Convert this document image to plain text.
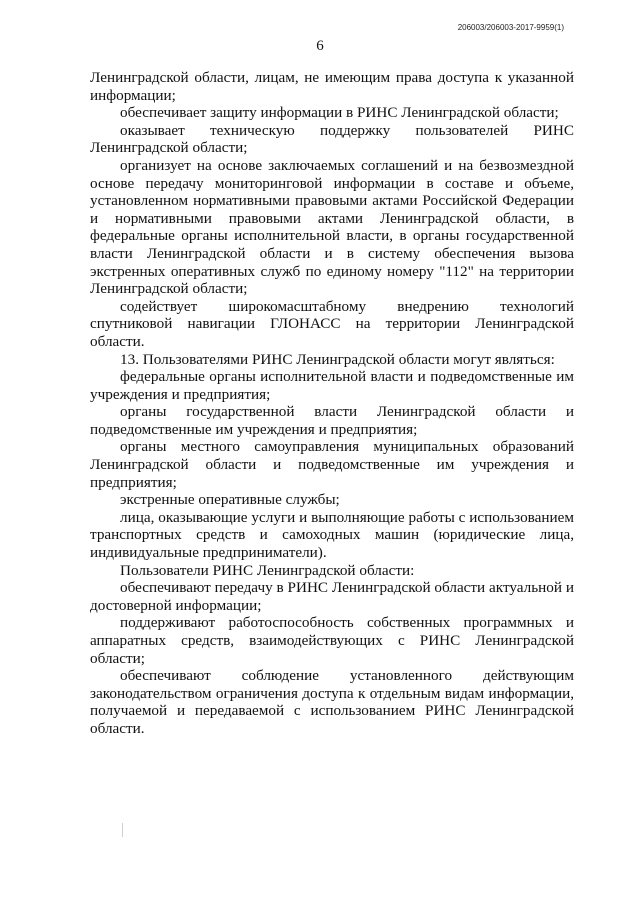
206003/206003-2017-9959(1)
6

Ленинградской области, лицам, не имеющим права доступа к указанной информации;

обеспечивает защиту информации в РИНС Ленинградской области;

оказывает техническую поддержку пользователей РИНС Ленинградской области;

организует на основе заключаемых соглашений и на безвозмездной основе передачу мониторинговой информации в составе и объеме, установленном нормативными правовыми актами Российской Федерации и нормативными правовыми актами Ленинградской области, в федеральные органы исполнительной власти, в органы государственной власти Ленинградской области и в систему обеспечения вызова экстренных оперативных служб по единому номеру "112" на территории Ленинградской области;

содействует широкомасштабному внедрению технологий спутниковой навигации ГЛОНАСС на территории Ленинградской области.

13. Пользователями РИНС Ленинградской области могут являться:

федеральные органы исполнительной власти и подведомственные им учреждения и предприятия;

органы государственной власти Ленинградской области и подведомственные им учреждения и предприятия;

органы местного самоуправления муниципальных образований Ленинградской области и подведомственные им учреждения и предприятия;

экстренные оперативные службы;

лица, оказывающие услуги и выполняющие работы с использованием транспортных средств и самоходных машин (юридические лица, индивидуальные предприниматели).

Пользователи РИНС Ленинградской области:

обеспечивают передачу в РИНС Ленинградской области актуальной и достоверной информации;

поддерживают работоспособность собственных программных и аппаратных средств, взаимодействующих с РИНС Ленинградской области;

обеспечивают соблюдение установленного действующим законодательством ограничения доступа к отдельным видам информации, получаемой и передаваемой с использованием РИНС Ленинградской области.
